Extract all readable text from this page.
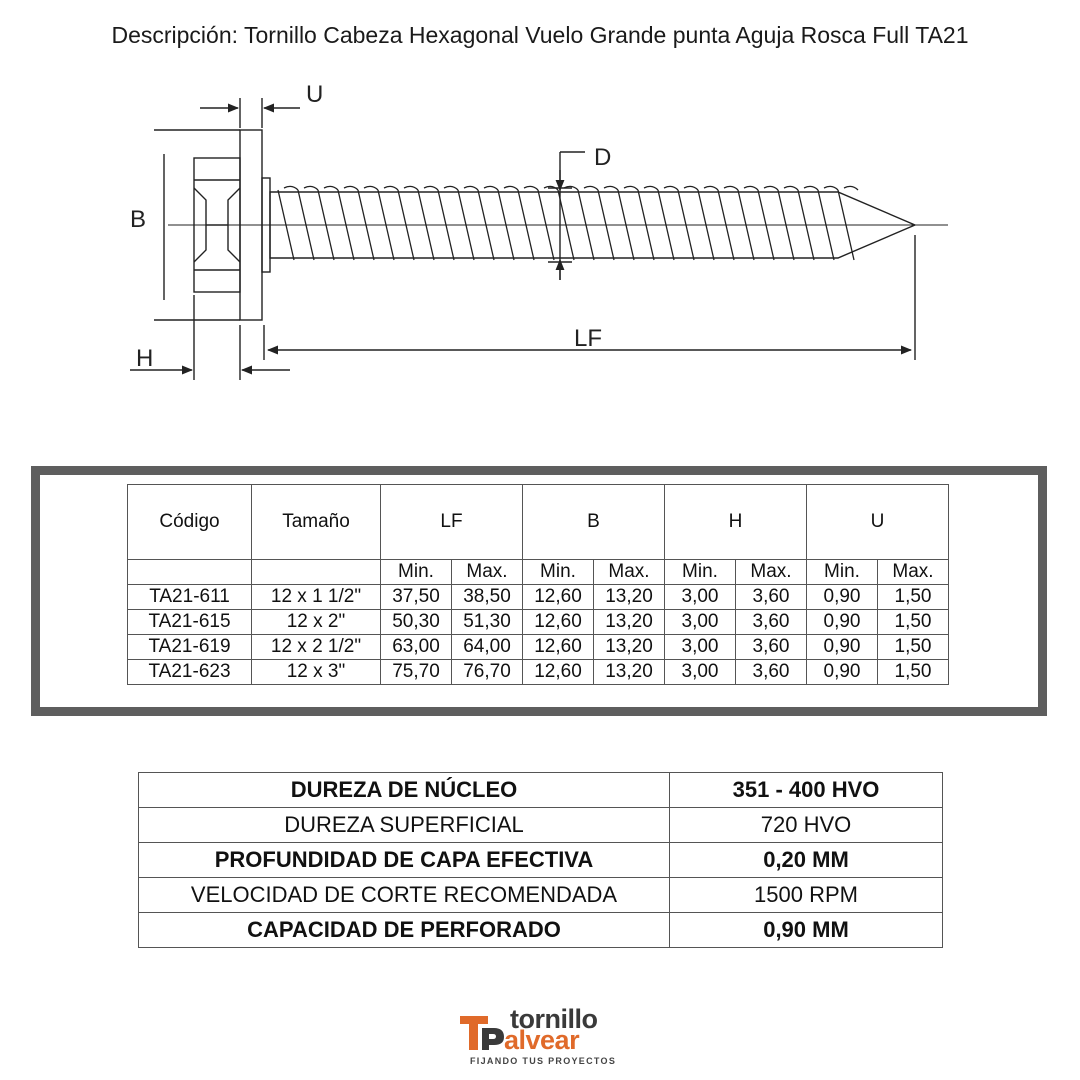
Descripción: Tornillo Cabeza Hexagonal Vuelo Grande punta Aguja Rosca Full TA21
U
D
B
LF
H
Código	Tamaño	LF		B		H		U	
		Min.	Max.	Min.	Max.	Min.	Max.	Min.	Max.
TA21-611	12 x 1 1/2"	37,50	38,50	12,60	13,20	3,00	3,60	0,90	1,50
TA21-615	12 x 2"	50,30	51,30	12,60	13,20	3,00	3,60	0,90	1,50
TA21-619	12 x 2 1/2"	63,00	64,00	12,60	13,20	3,00	3,60	0,90	1,50
TA21-623	12 x 3"	75,70	76,70	12,60	13,20	3,00	3,60	0,90	1,50
DUREZA DE NÚCLEO	351 - 400 HVO
DUREZA SUPERFICIAL	720 HVO
PROFUNDIDAD DE CAPA EFECTIVA	0,20 MM
VELOCIDAD DE CORTE RECOMENDADA	1500 RPM
CAPACIDAD DE PERFORADO	0,90 MM
tornillo
alvear
FIJANDO TUS PROYECTOS
